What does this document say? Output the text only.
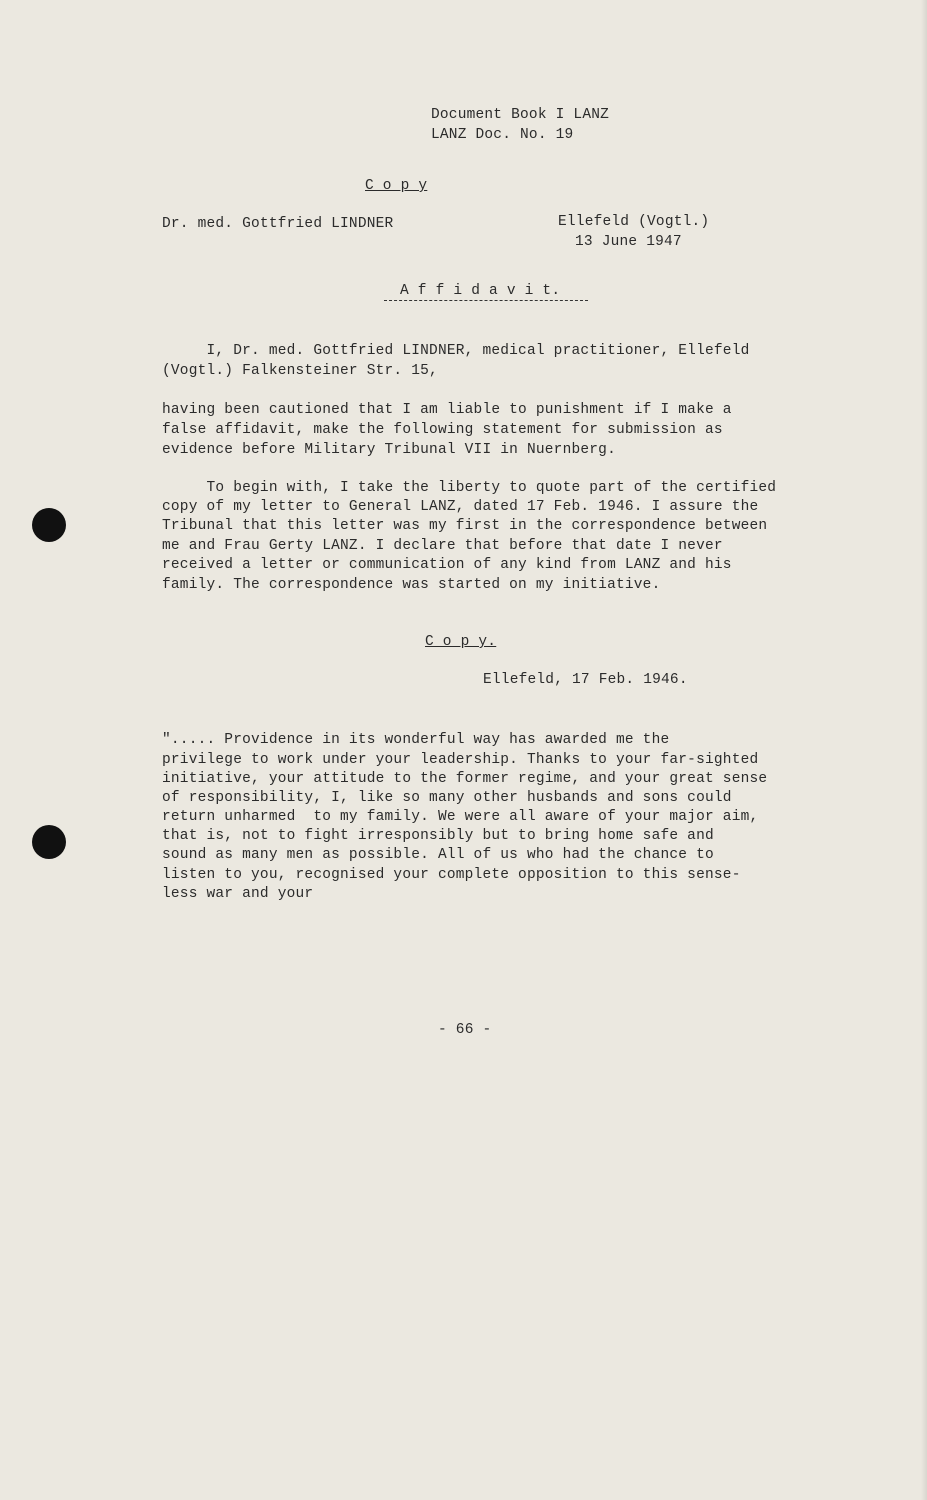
Document Book I LANZ
LANZ Doc. No. 19
C o p y
Dr. med. Gottfried LINDNER	Ellefeld (Vogtl.)
13 June 1947
A f f i d a v i t.
I, Dr. med. Gottfried LINDNER, medical practitioner, Ellefeld
(Vogtl.) Falkensteiner Str. 15,
having been cautioned that I am liable to punishment if I make a
false affidavit, make the following statement for submission as
evidence before Military Tribunal VII in Nuernberg.
To begin with, I take the liberty to quote part of the certified
copy of my letter to General LANZ, dated 17 Feb. 1946. I assure the
Tribunal that this letter was my first in the correspondence between
me and Frau Gerty LANZ. I declare that before that date I never
received a letter or communication of any kind from LANZ and his
family. The correspondence was started on my initiative.
C o p y.
Ellefeld, 17 Feb. 1946.
"..... Providence in its wonderful way has awarded me the
privilege to work under your leadership. Thanks to your far-sighted
initiative, your attitude to the former regime, and your great sense
of responsibility, I, like so many other husbands and sons could
return unharmed  to my family. We were all aware of your major aim,
that is, not to fight irresponsibly but to bring home safe and
sound as many men as possible. All of us who had the chance to
listen to you, recognised your complete opposition to this sense-
less war and your
- 66 -
